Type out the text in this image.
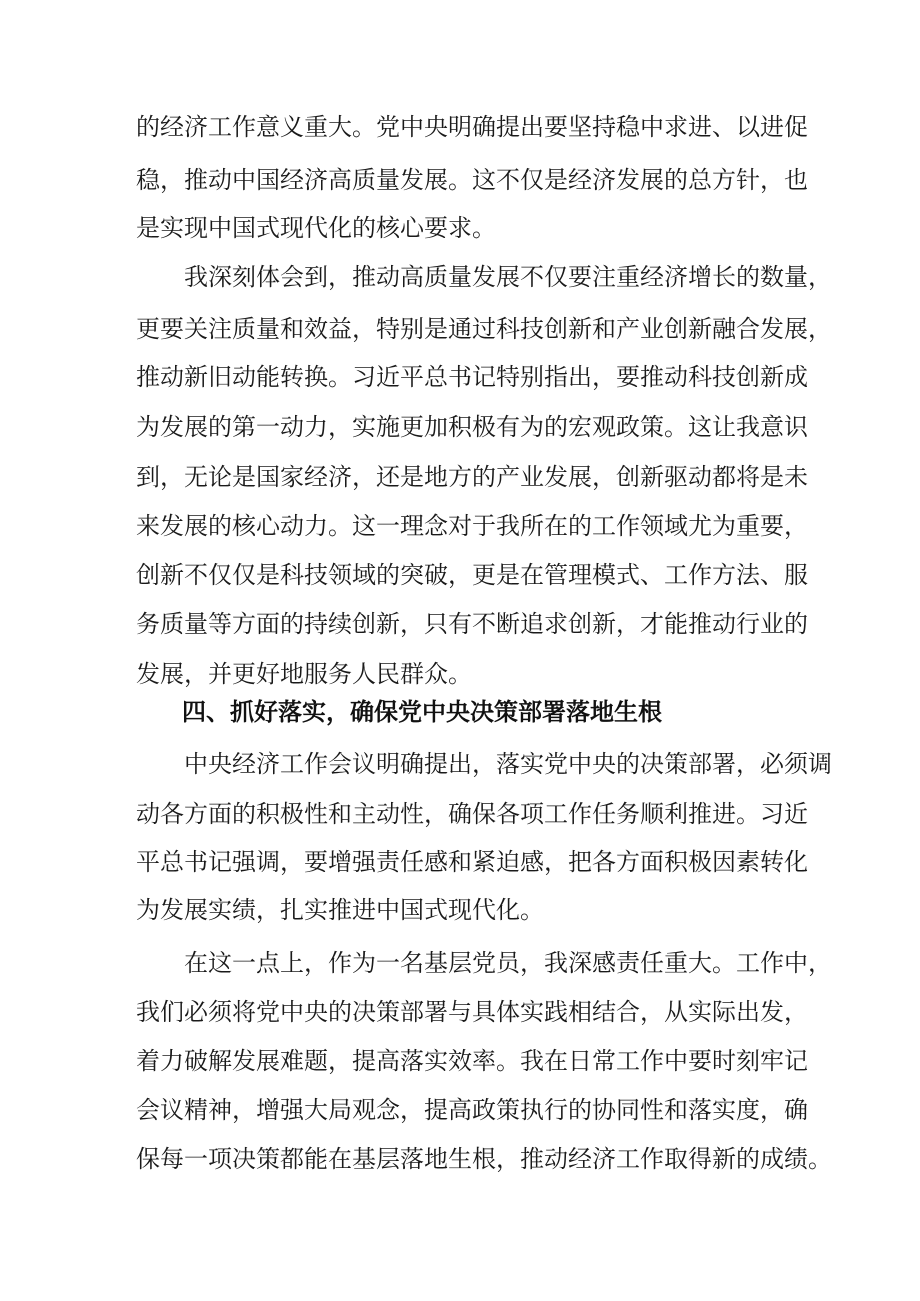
的经济工作意义重大。党中央明确提出要坚持稳中求进、以进促
稳，推动中国经济高质量发展。这不仅是经济发展的总方针，也
是实现中国式现代化的核心要求。
我深刻体会到，推动高质量发展不仅要注重经济增长的数量，
更要关注质量和效益，特别是通过科技创新和产业创新融合发展，
推动新旧动能转换。习近平总书记特别指出，要推动科技创新成
为发展的第一动力，实施更加积极有为的宏观政策。这让我意识
到，无论是国家经济，还是地方的产业发展，创新驱动都将是未
来发展的核心动力。这一理念对于我所在的工作领域尤为重要，
创新不仅仅是科技领域的突破，更是在管理模式、工作方法、服
务质量等方面的持续创新，只有不断追求创新，才能推动行业的
发展，并更好地服务人民群众。
四、抓好落实，确保党中央决策部署落地生根
中央经济工作会议明确提出，落实党中央的决策部署，必须调
动各方面的积极性和主动性，确保各项工作任务顺利推进。习近
平总书记强调，要增强责任感和紧迫感，把各方面积极因素转化
为发展实绩，扎实推进中国式现代化。
在这一点上，作为一名基层党员，我深感责任重大。工作中，
我们必须将党中央的决策部署与具体实践相结合，从实际出发，
着力破解发展难题，提高落实效率。我在日常工作中要时刻牢记
会议精神，增强大局观念，提高政策执行的协同性和落实度，确
保每一项决策都能在基层落地生根，推动经济工作取得新的成绩。
